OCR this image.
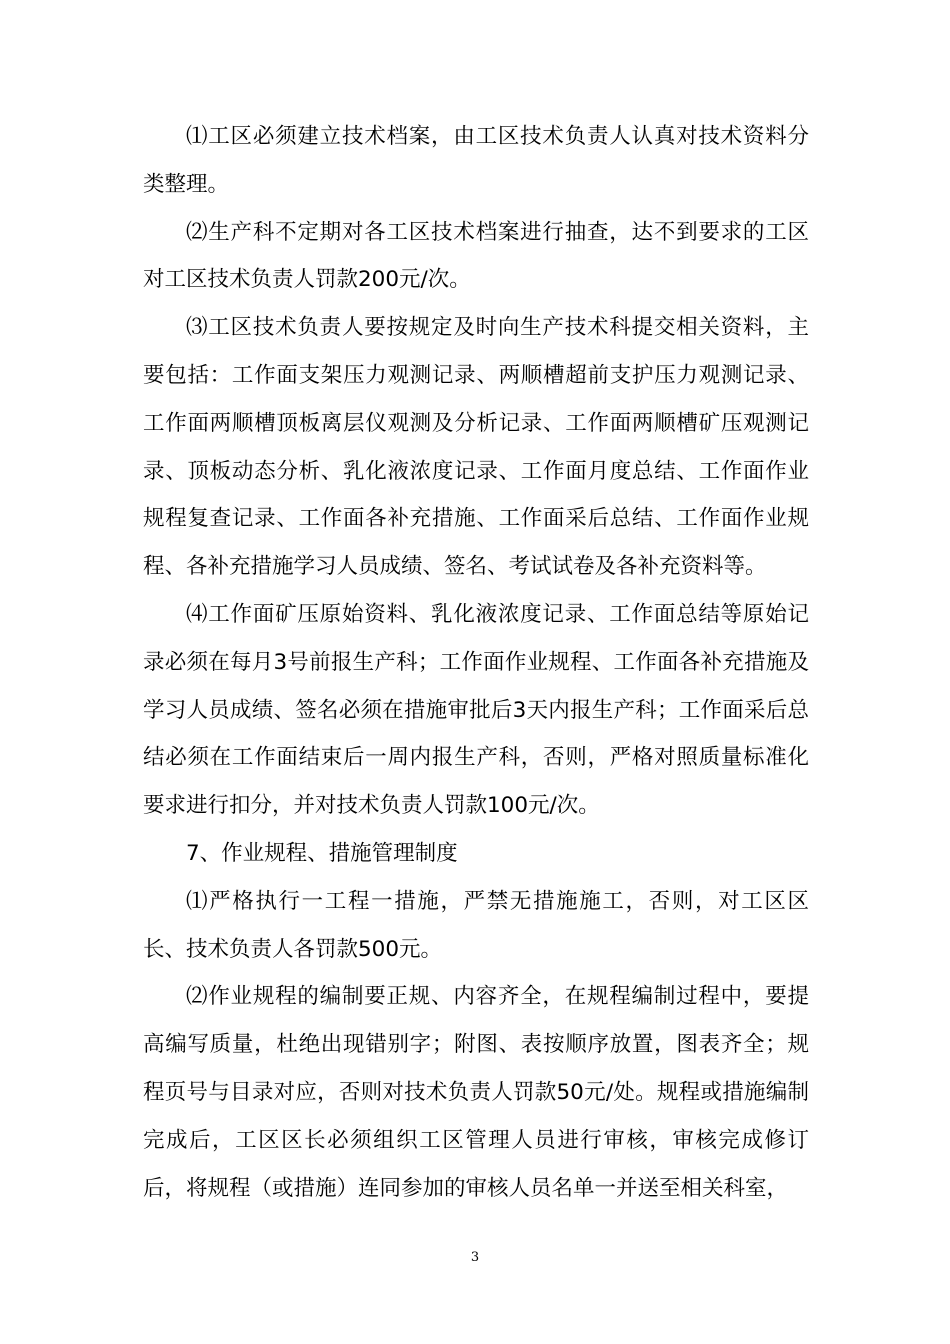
⑴工区必须建立技术档案，由工区技术负责人认真对技术资料分类整理。

⑵生产科不定期对各工区技术档案进行抽查，达不到要求的工区对工区技术负责人罚款200元/次。

⑶工区技术负责人要按规定及时向生产技术科提交相关资料，主要包括：工作面支架压力观测记录、两顺槽超前支护压力观测记录、工作面两顺槽顶板离层仪观测及分析记录、工作面两顺槽矿压观测记录、顶板动态分析、乳化液浓度记录、工作面月度总结、工作面作业规程复查记录、工作面各补充措施、工作面采后总结、工作面作业规程、各补充措施学习人员成绩、签名、考试试卷及各补充资料等。

⑷工作面矿压原始资料、乳化液浓度记录、工作面总结等原始记录必须在每月3号前报生产科；工作面作业规程、工作面各补充措施及学习人员成绩、签名必须在措施审批后3天内报生产科；工作面采后总结必须在工作面结束后一周内报生产科，否则，严格对照质量标准化要求进行扣分，并对技术负责人罚款100元/次。

7、作业规程、措施管理制度

⑴严格执行一工程一措施，严禁无措施施工，否则，对工区区长、技术负责人各罚款500元。

⑵作业规程的编制要正规、内容齐全，在规程编制过程中，要提高编写质量，杜绝出现错别字；附图、表按顺序放置，图表齐全；规程页号与目录对应，否则对技术负责人罚款50元/处。规程或措施编制完成后，工区区长必须组织工区管理人员进行审核，审核完成修订后，将规程（或措施）连同参加的审核人员名单一并送至相关科室，

3
